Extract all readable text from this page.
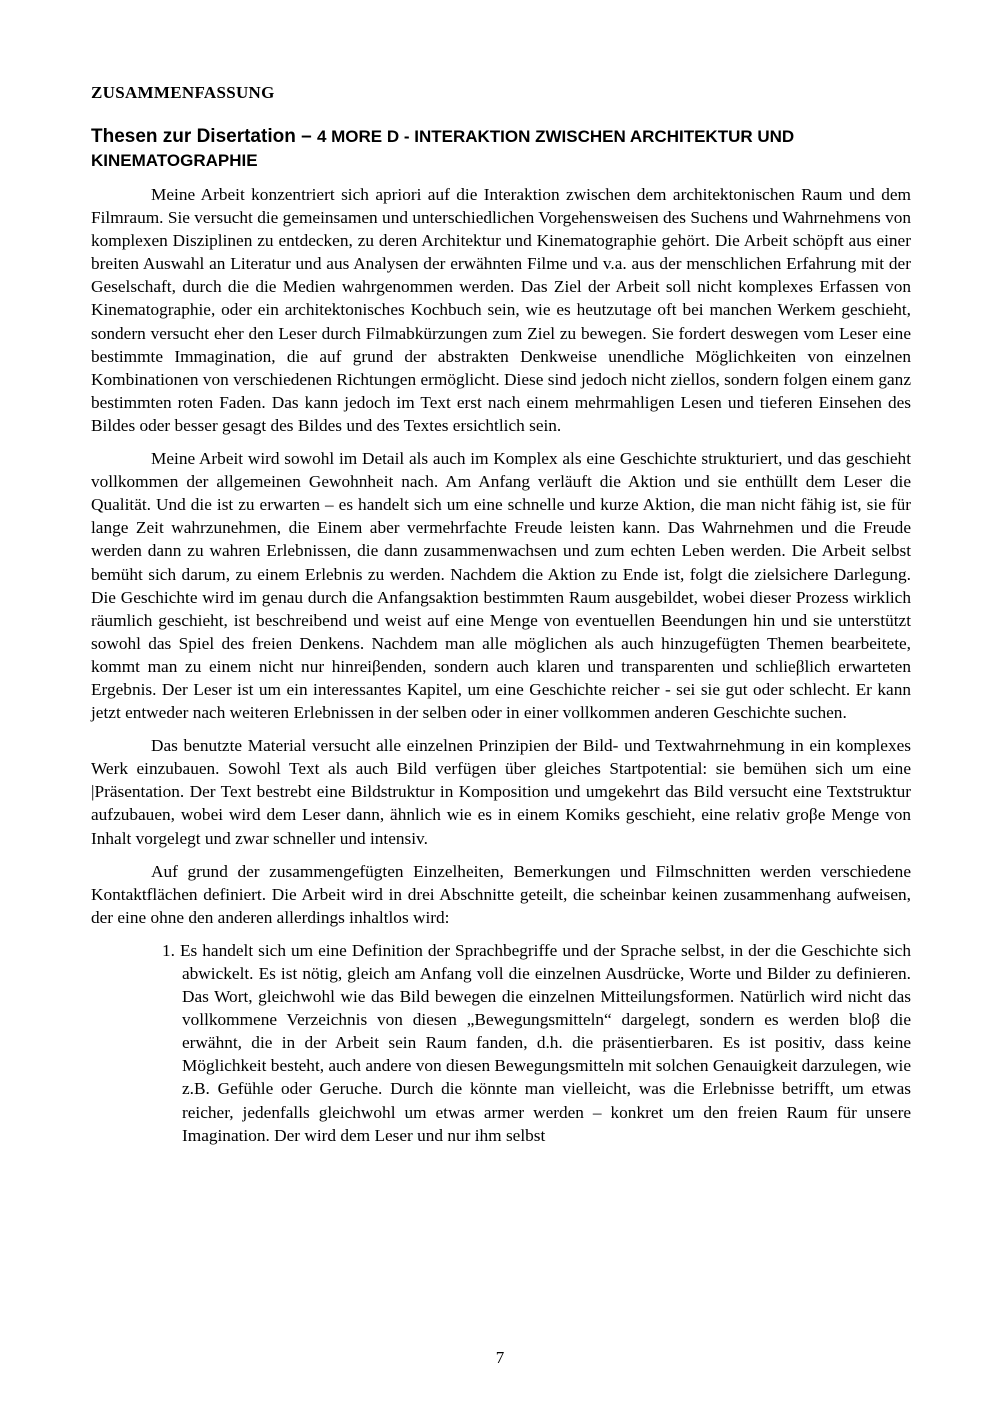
ZUSAMMENFASSUNG
Thesen zur Disertation – 4 MORE D - INTERAKTION ZWISCHEN ARCHITEKTUR UND KINEMATOGRAPHIE

Meine Arbeit konzentriert sich apriori auf die Interaktion zwischen dem architektonischen Raum und dem Filmraum. Sie versucht die gemeinsamen und unterschiedlichen Vorgehensweisen des Suchens und Wahrnehmens von komplexen Disziplinen zu entdecken, zu deren Architektur und Kinematographie gehört. Die Arbeit schöpft aus einer breiten Auswahl an Literatur und aus Analysen der erwähnten Filme und v.a. aus der menschlichen Erfahrung mit der Geselschaft, durch die die Medien wahrgenommen werden. Das Ziel der Arbeit soll nicht komplexes Erfassen von Kinematographie, oder ein architektonisches Kochbuch sein, wie es heutzutage oft bei manchen Werkem geschieht, sondern versucht eher den Leser durch Filmabkürzungen zum Ziel zu bewegen. Sie fordert deswegen vom Leser eine bestimmte Immagination, die auf grund der abstrakten Denkweise unendliche Möglichkeiten von einzelnen Kombinationen von verschiedenen Richtungen ermöglicht. Diese sind jedoch nicht ziellos, sondern folgen einem ganz bestimmten roten Faden. Das kann jedoch im Text erst nach einem mehrmahligen Lesen und tieferen Einsehen des Bildes oder besser gesagt des Bildes und des Textes ersichtlich sein.

Meine Arbeit wird sowohl im Detail als auch im Komplex als eine Geschichte strukturiert, und das geschieht vollkommen der allgemeinen Gewohnheit nach. Am Anfang verläuft die Aktion und sie enthüllt dem Leser die Qualität. Und die ist zu erwarten – es handelt sich um eine schnelle und kurze Aktion, die man nicht fähig ist, sie für lange Zeit wahrzunehmen, die Einem aber vermehrfachte Freude leisten kann. Das Wahrnehmen und die Freude werden dann zu wahren Erlebnissen, die dann zusammenwachsen und zum echten Leben werden. Die Arbeit selbst bemüht sich darum, zu einem Erlebnis zu werden. Nachdem die Aktion zu Ende ist, folgt die zielsichere Darlegung. Die Geschichte wird im genau durch die Anfangsaktion bestimmten Raum ausgebildet, wobei dieser Prozess wirklich räumlich geschieht, ist beschreibend und weist auf eine Menge von eventuellen Beendungen hin und sie unterstützt sowohl das Spiel des freien Denkens. Nachdem man alle möglichen als auch hinzugefügten Themen bearbeitete, kommt man zu einem nicht nur hinreiβenden, sondern auch klaren und transparenten und schlieβlich erwarteten Ergebnis. Der Leser ist um ein interessantes Kapitel, um eine Geschichte reicher - sei sie gut oder schlecht. Er kann jetzt entweder nach weiteren Erlebnissen in der selben oder in einer vollkommen anderen Geschichte suchen.

Das benutzte Material versucht alle einzelnen Prinzipien der Bild- und Textwahrnehmung in ein komplexes Werk einzubauen. Sowohl Text als auch Bild verfügen über gleiches Startpotential: sie bemühen sich um eine |Präsentation. Der Text bestrebt eine Bildstruktur in Komposition und umgekehrt das Bild versucht eine Textstruktur aufzubauen, wobei wird dem Leser dann, ähnlich wie es in einem Komiks geschieht, eine relativ groβe Menge von Inhalt vorgelegt und zwar schneller und intensiv.

Auf grund der zusammengefügten Einzelheiten, Bemerkungen und Filmschnitten werden verschiedene Kontaktflächen definiert. Die Arbeit wird in drei Abschnitte geteilt, die scheinbar keinen zusammenhang aufweisen, der eine ohne den anderen allerdings inhaltlos wird:

1. Es handelt sich um eine Definition der Sprachbegriffe und der Sprache selbst, in der die Geschichte sich abwickelt. Es ist nötig, gleich am Anfang voll die einzelnen Ausdrücke, Worte und Bilder zu definieren. Das Wort, gleichwohl wie das Bild bewegen die einzelnen Mitteilungsformen. Natürlich wird nicht das vollkommene Verzeichnis von diesen „Bewegungsmitteln“ dargelegt, sondern es werden bloβ die erwähnt, die in der Arbeit sein Raum fanden, d.h. die präsentierbaren. Es ist positiv, dass keine Möglichkeit besteht, auch andere von diesen Bewegungsmitteln mit solchen Genauigkeit darzulegen, wie z.B. Gefühle oder Geruche. Durch die könnte man vielleicht, was die Erlebnisse betrifft, um etwas reicher, jedenfalls gleichwohl um etwas armer werden – konkret um den freien Raum für unsere Imagination. Der wird dem Leser und nur ihm selbst
7
